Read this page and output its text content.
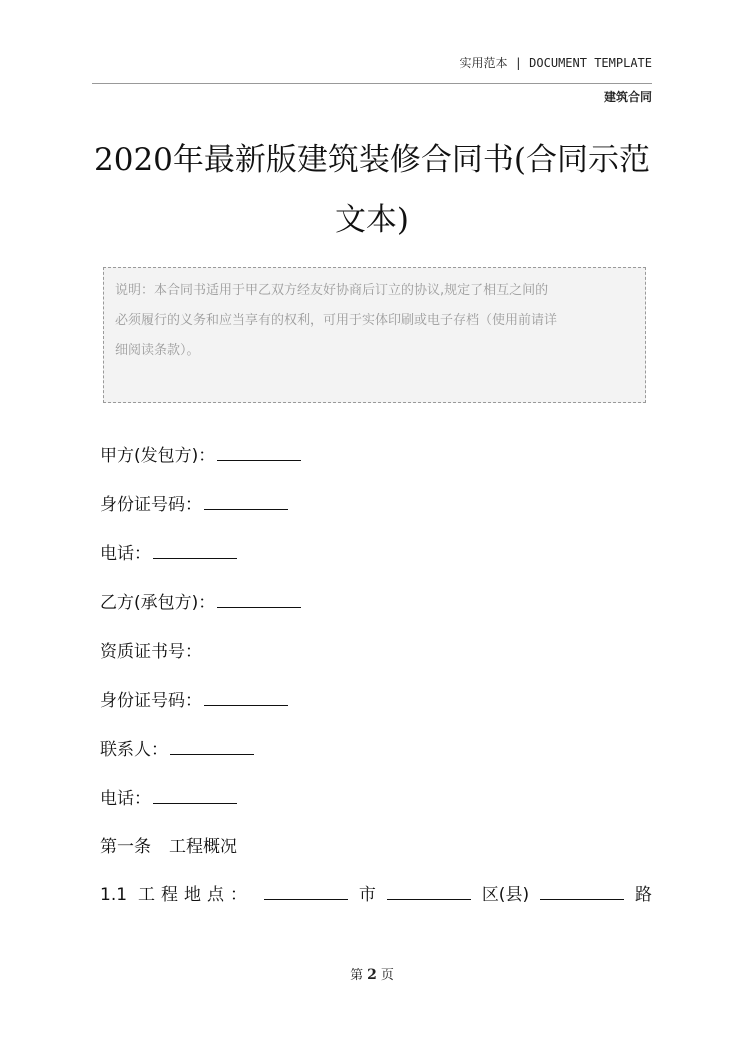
实用范本 | DOCUMENT TEMPLATE
建筑合同
2020年最新版建筑装修合同书(合同示范
文本)
说明：本合同书适用于甲乙双方经友好协商后订立的协议,规定了相互之间的
必须履行的义务和应当享有的权利，可用于实体印刷或电子存档（使用前请详
细阅读条款）。
甲方(发包方)：
身份证号码：
电话：
乙方(承包方)：
资质证书号：
身份证号码：
联系人：
电话：
第一条 工程概况
1.1 工程地点：	市	区(县)	路
第 2 页
